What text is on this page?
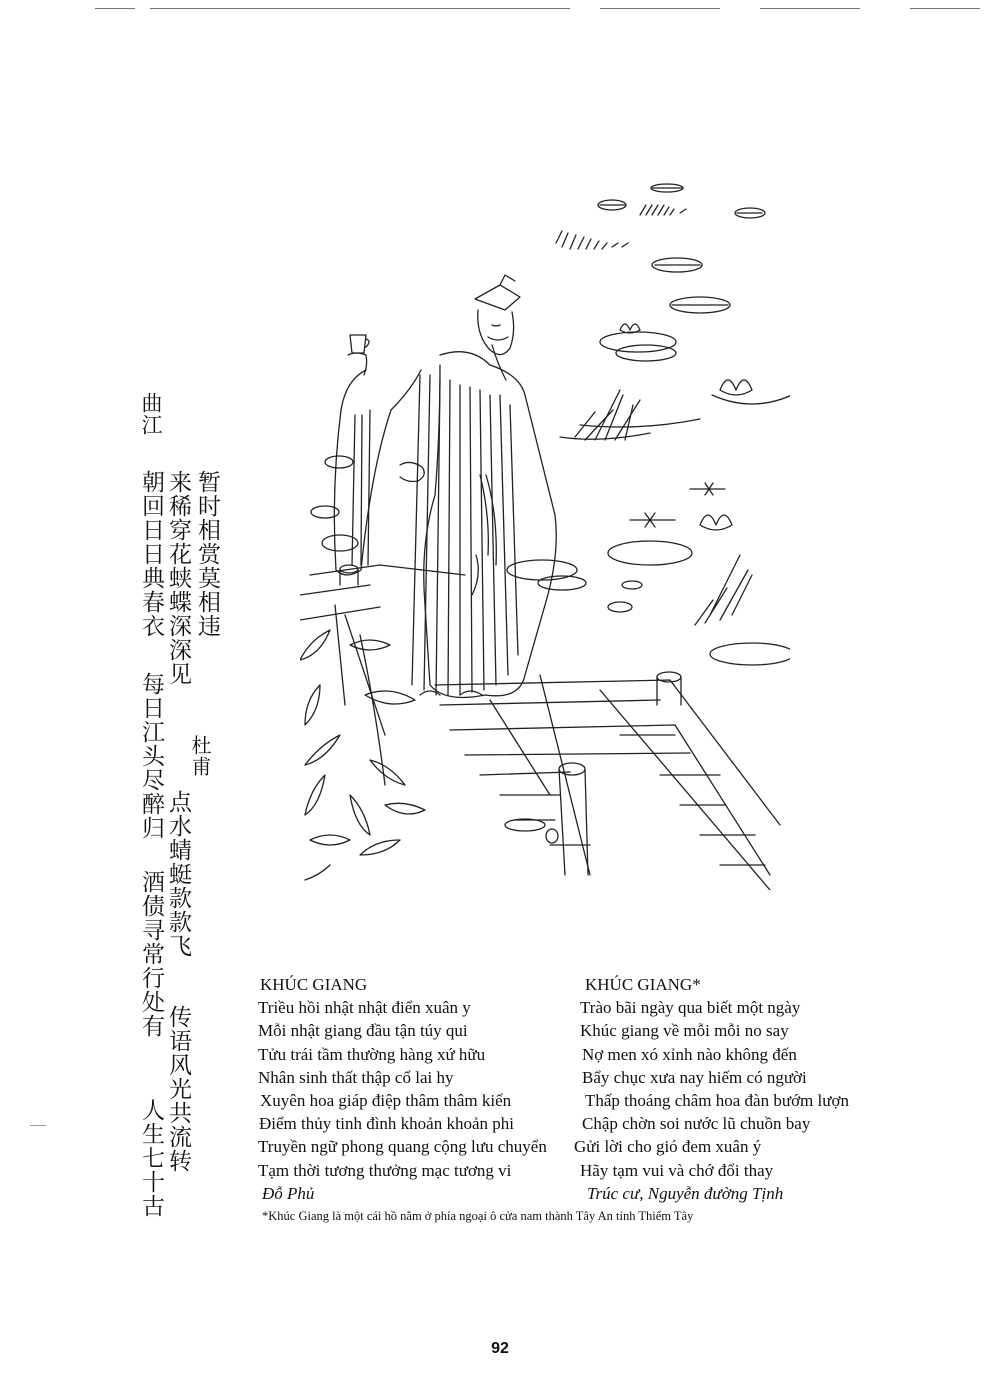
曲江
暂时相赏莫相违
来稀穿花蛱蝶深深见
朝回日日典春衣
每日江头尽醉归
点水蜻蜓款款飞
酒债寻常行处有
传语风光共流转
人生七十古
杜甫
KHÚC GIANG
Triều hồi nhật nhật điển xuân y
Mỗi nhật giang đầu tận túy qui
Tửu trái tầm thường hàng xứ hữu
Nhân sinh thất thập cổ lai hy
Xuyên hoa giáp điệp thâm thâm kiến
Điểm thủy tinh đình khoản khoản phi
Truyền ngữ phong quang cộng lưu chuyển
Tạm thời tương thưởng mạc tương vi
Đỗ Phủ
KHÚC GIANG*
Trào bãi ngày qua biết một ngày
Khúc giang về mỗi mỗi no say
Nợ men xó xỉnh nào không đến
Bẩy chục xưa nay hiếm có người
Thấp thoáng châm hoa đàn bướm lượn
Chập chờn soi nước lũ chuồn bay
Gửi lời cho gió đem xuân ý
Hãy tạm vui và chớ đổi thay
Trúc cư, Nguyễn đường Tịnh
*Khúc Giang là một cái hồ nằm ở phía ngoại ô cửa nam thành Tây An tỉnh Thiểm Tây
92
